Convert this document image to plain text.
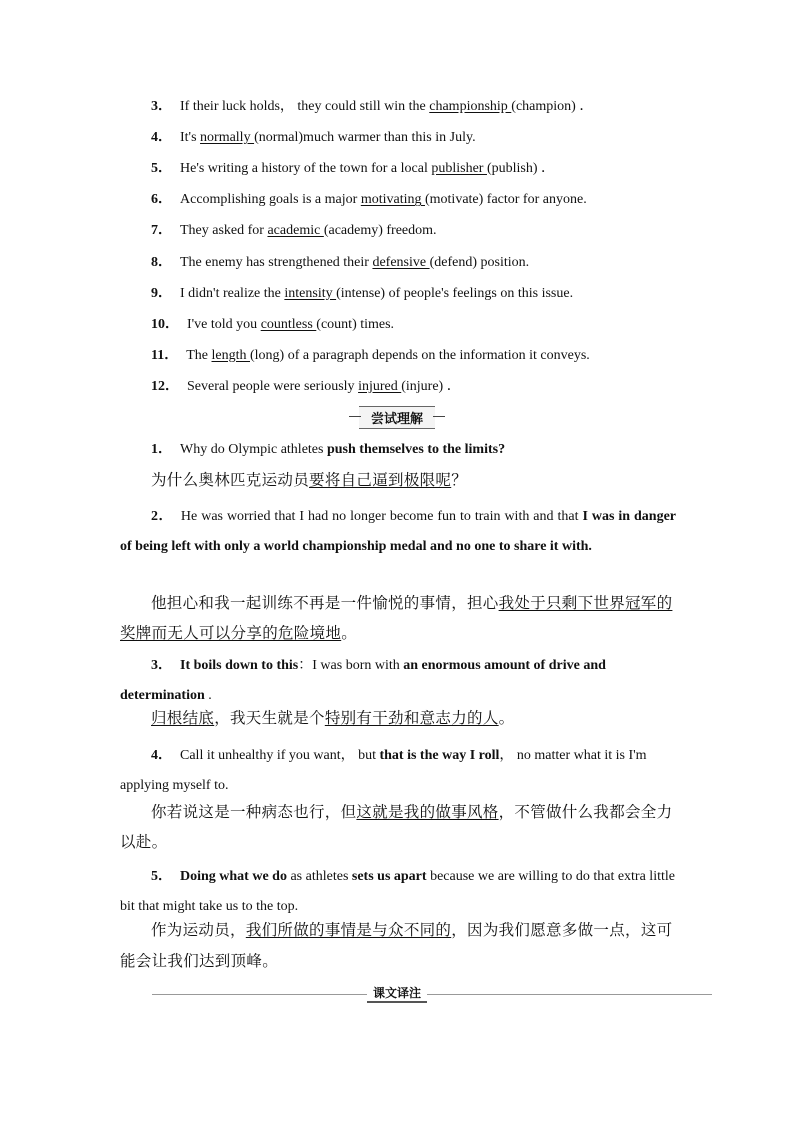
3． If their luck holds， they could still win the championship (champion) ．
4． It's normally (normal)much warmer than this in July.
5． He's writing a history of the town for a local publisher (publish) ．
6． Accomplishing goals is a major motivating (motivate) factor for anyone.
7． They asked for academic (academy) freedom.
8． The enemy has strengthened their defensive (defend) position.
9． I didn't realize the intensity (intense) of people's feelings on this issue.
10． I've told you countless (count) times.
11． The length (long) of a paragraph depends on the information it conveys.
12． Several people were seriously injured (injure) ．
尝试理解
1． Why do Olympic athletes push themselves to the limits?
为什么奥林匹克运动员要将自己逼到极限呢？
2． He was worried that I had no longer become fun to train with and that I was in danger of being left with only a world championship medal and no one to share it with.
他担心和我一起训练不再是一件愉悦的事情，担心我处于只剩下世界冠军的奖牌而无人可以分享的危险境地。
3． It boils down to this：I was born with an enormous amount of drive and determination .
归根结底，我天生就是个特别有干劲和意志力的人。
4． Call it unhealthy if you want， but that is the way I roll， no matter what it is I'm applying myself to.
你若说这是一种病态也行，但这就是我的做事风格，不管做什么我都会全力以赴。
5． Doing what we do as athletes sets us apart because we are willing to do that extra little bit that might take us to the top.
作为运动员，我们所做的事情是与众不同的，因为我们愿意多做一点，这可能会让我们达到顶峰。
课文译注
